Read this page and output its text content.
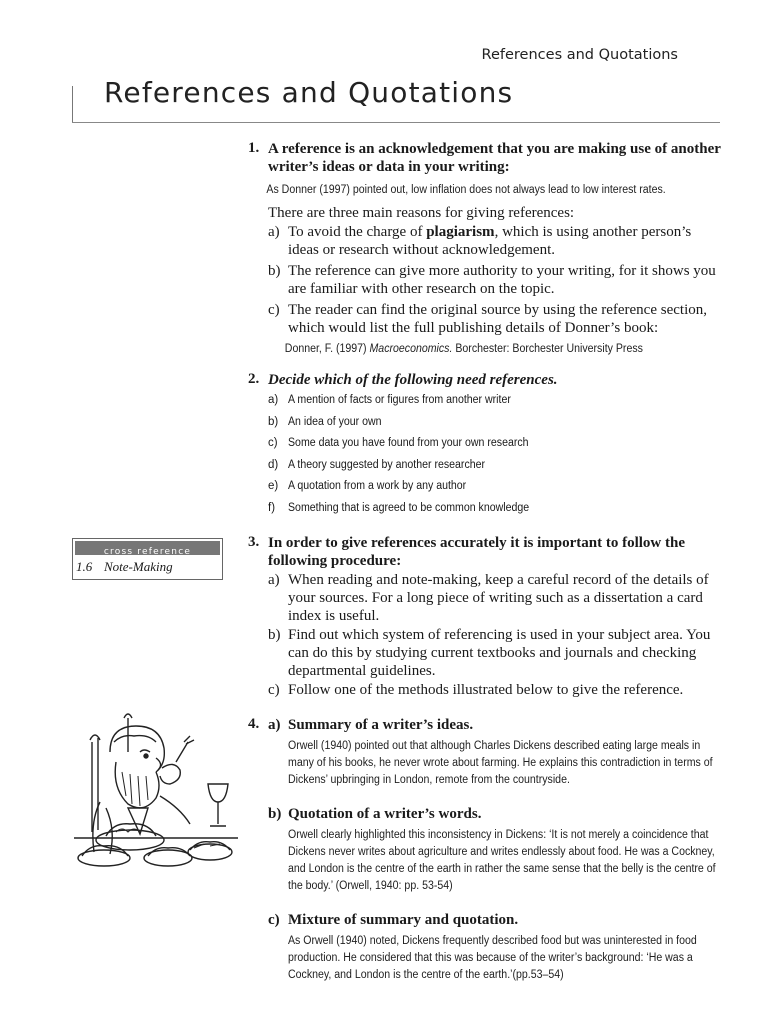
References and Quotations
References and Quotations
cross reference
1.6 Note-Making
1. A reference is an acknowledgement that you are making use of another
writer’s ideas or data in your writing:
As Donner (1997) pointed out, low inflation does not always lead to low interest rates.
There are three main reasons for giving references:
a) To avoid the charge of plagiarism, which is using another person’s
ideas or research without acknowledgement.
b) The reference can give more authority to your writing, for it shows you
are familiar with other research on the topic.
c) The reader can find the original source by using the reference section,
which would list the full publishing details of Donner’s book:
Donner, F. (1997) Macroeconomics. Borchester: Borchester University Press
2. Decide which of the following need references.
a) A mention of facts or figures from another writer
b) An idea of your own
c) Some data you have found from your own research
d) A theory suggested by another researcher
e) A quotation from a work by any author
f) Something that is agreed to be common knowledge
3. In order to give references accurately it is important to follow the
following procedure:
a) When reading and note-making, keep a careful record of the details of
your sources. For a long piece of writing such as a dissertation a card
index is useful.
b) Find out which system of referencing is used in your subject area. You
can do this by studying current textbooks and journals and checking
departmental guidelines.
c) Follow one of the methods illustrated below to give the reference.
4. a) Summary of a writer’s ideas.
Orwell (1940) pointed out that although Charles Dickens described eating large meals in
many of his books, he never wrote about farming. He explains this contradiction in terms of
Dickens’ upbringing in London, remote from the countryside.
b) Quotation of a writer’s words.
Orwell clearly highlighted this inconsistency in Dickens: ‘It is not merely a coincidence that
Dickens never writes about agriculture and writes endlessly about food. He was a Cockney,
and London is the centre of the earth in rather the same sense that the belly is the centre of
the body.’ (Orwell, 1940: pp. 53-54)
c) Mixture of summary and quotation.
As Orwell (1940) noted, Dickens frequently described food but was uninterested in food
production. He considered that this was because of the writer’s background: ‘He was a
Cockney, and London is the centre of the earth.’(pp.53–54)
